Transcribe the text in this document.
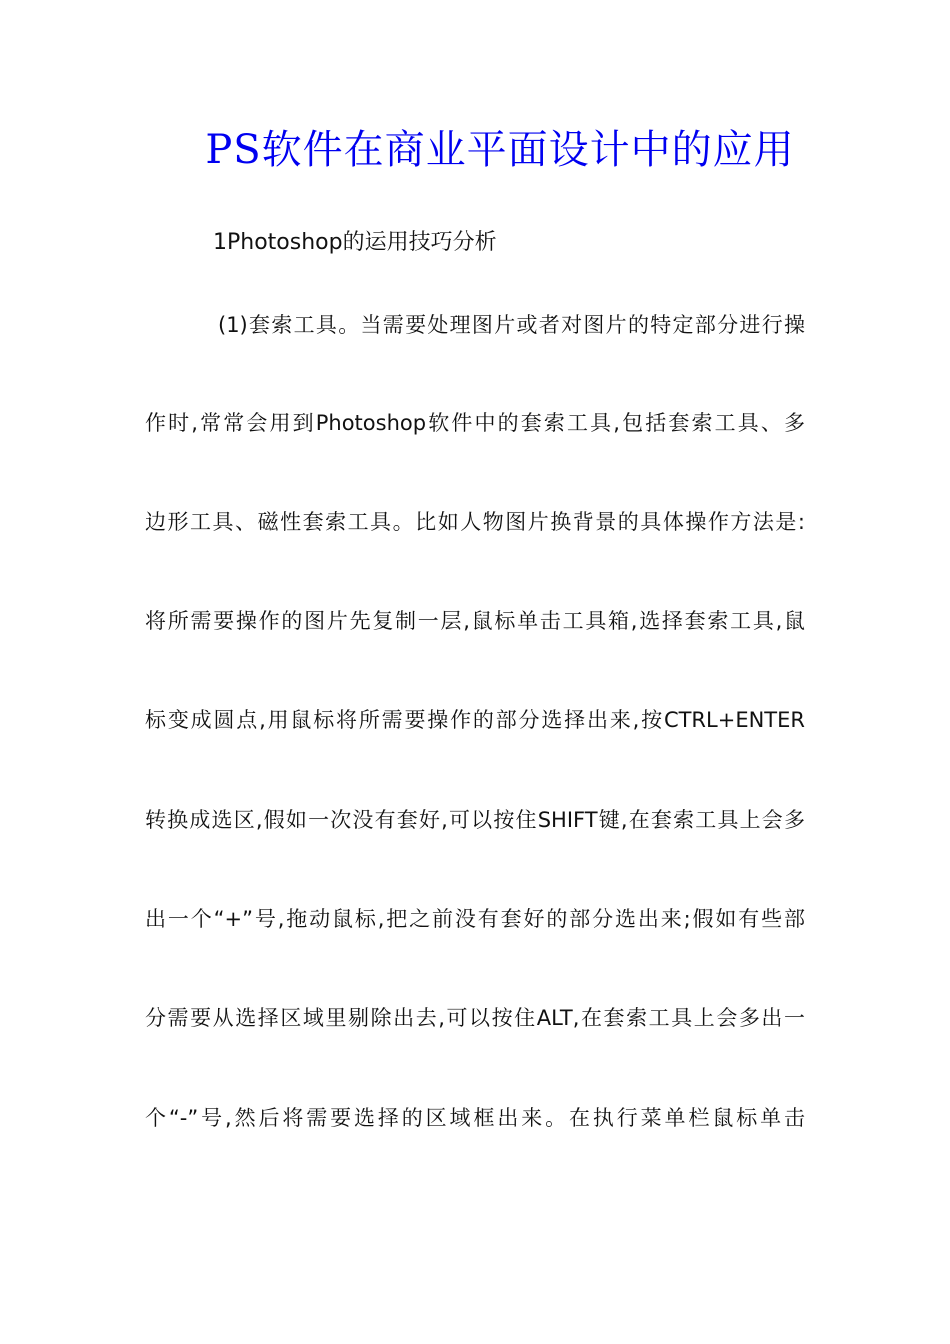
PS软件在商业平面设计中的应用
1Photoshop的运用技巧分析
(1)套索工具。当需要处理图片或者对图片的特定部分进行操
作时,常常会用到Photoshop软件中的套索工具,包括套索工具、多
边形工具、磁性套索工具。比如人物图片换背景的具体操作方法是:
将所需要操作的图片先复制一层,鼠标单击工具箱,选择套索工具,鼠
标变成圆点,用鼠标将所需要操作的部分选择出来,按CTRL+ENTER
转换成选区,假如一次没有套好,可以按住SHIFT键,在套索工具上会多
出一个“+”号,拖动鼠标,把之前没有套好的部分选出来;假如有些部
分需要从选择区域里剔除出去,可以按住ALT,在套索工具上会多出一
个“-”号,然后将需要选择的区域框出来。在执行菜单栏鼠标单击
